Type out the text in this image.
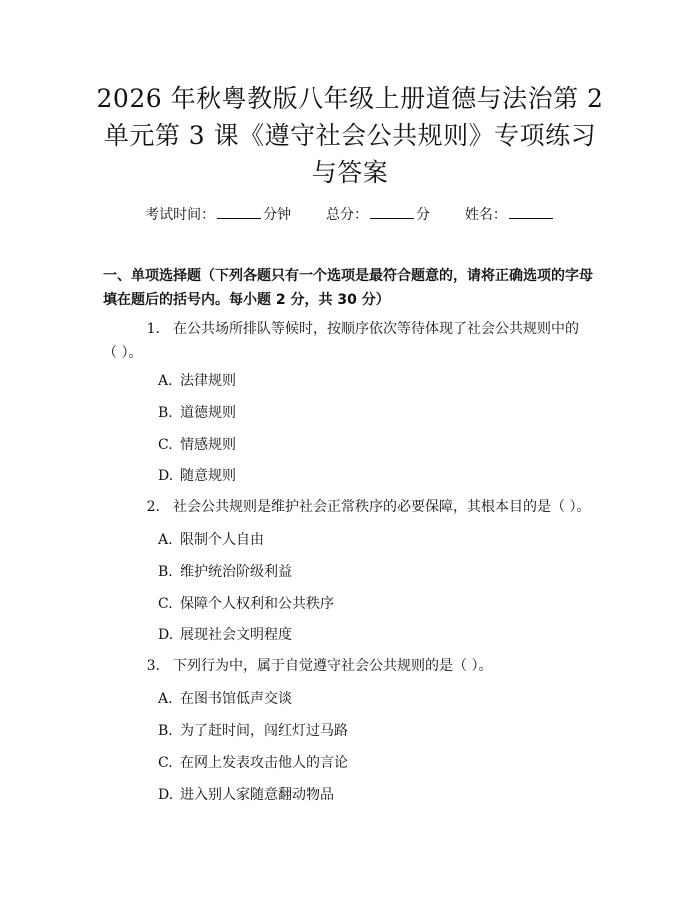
2026 年秋粤教版八年级上册道德与法治第 2
单元第 3 课《遵守社会公共规则》专项练习
与答案
考试时间：	分钟 总分：	分 姓名：
一、单项选择题（下列各题只有一个选项是最符合题意的，请将正确选项的字母
填在题后的括号内。每小题 2 分，共 30 分）
1. 在公共场所排队等候时，按顺序依次等待体现了社会公共规则中的
（ ）。
A. 法律规则
B. 道德规则
C. 情感规则
D. 随意规则
2. 社会公共规则是维护社会正常秩序的必要保障，其根本目的是（ ）。
A. 限制个人自由
B. 维护统治阶级利益
C. 保障个人权利和公共秩序
D. 展现社会文明程度
3. 下列行为中，属于自觉遵守社会公共规则的是（ ）。
A. 在图书馆低声交谈
B. 为了赶时间，闯红灯过马路
C. 在网上发表攻击他人的言论
D. 进入别人家随意翻动物品
